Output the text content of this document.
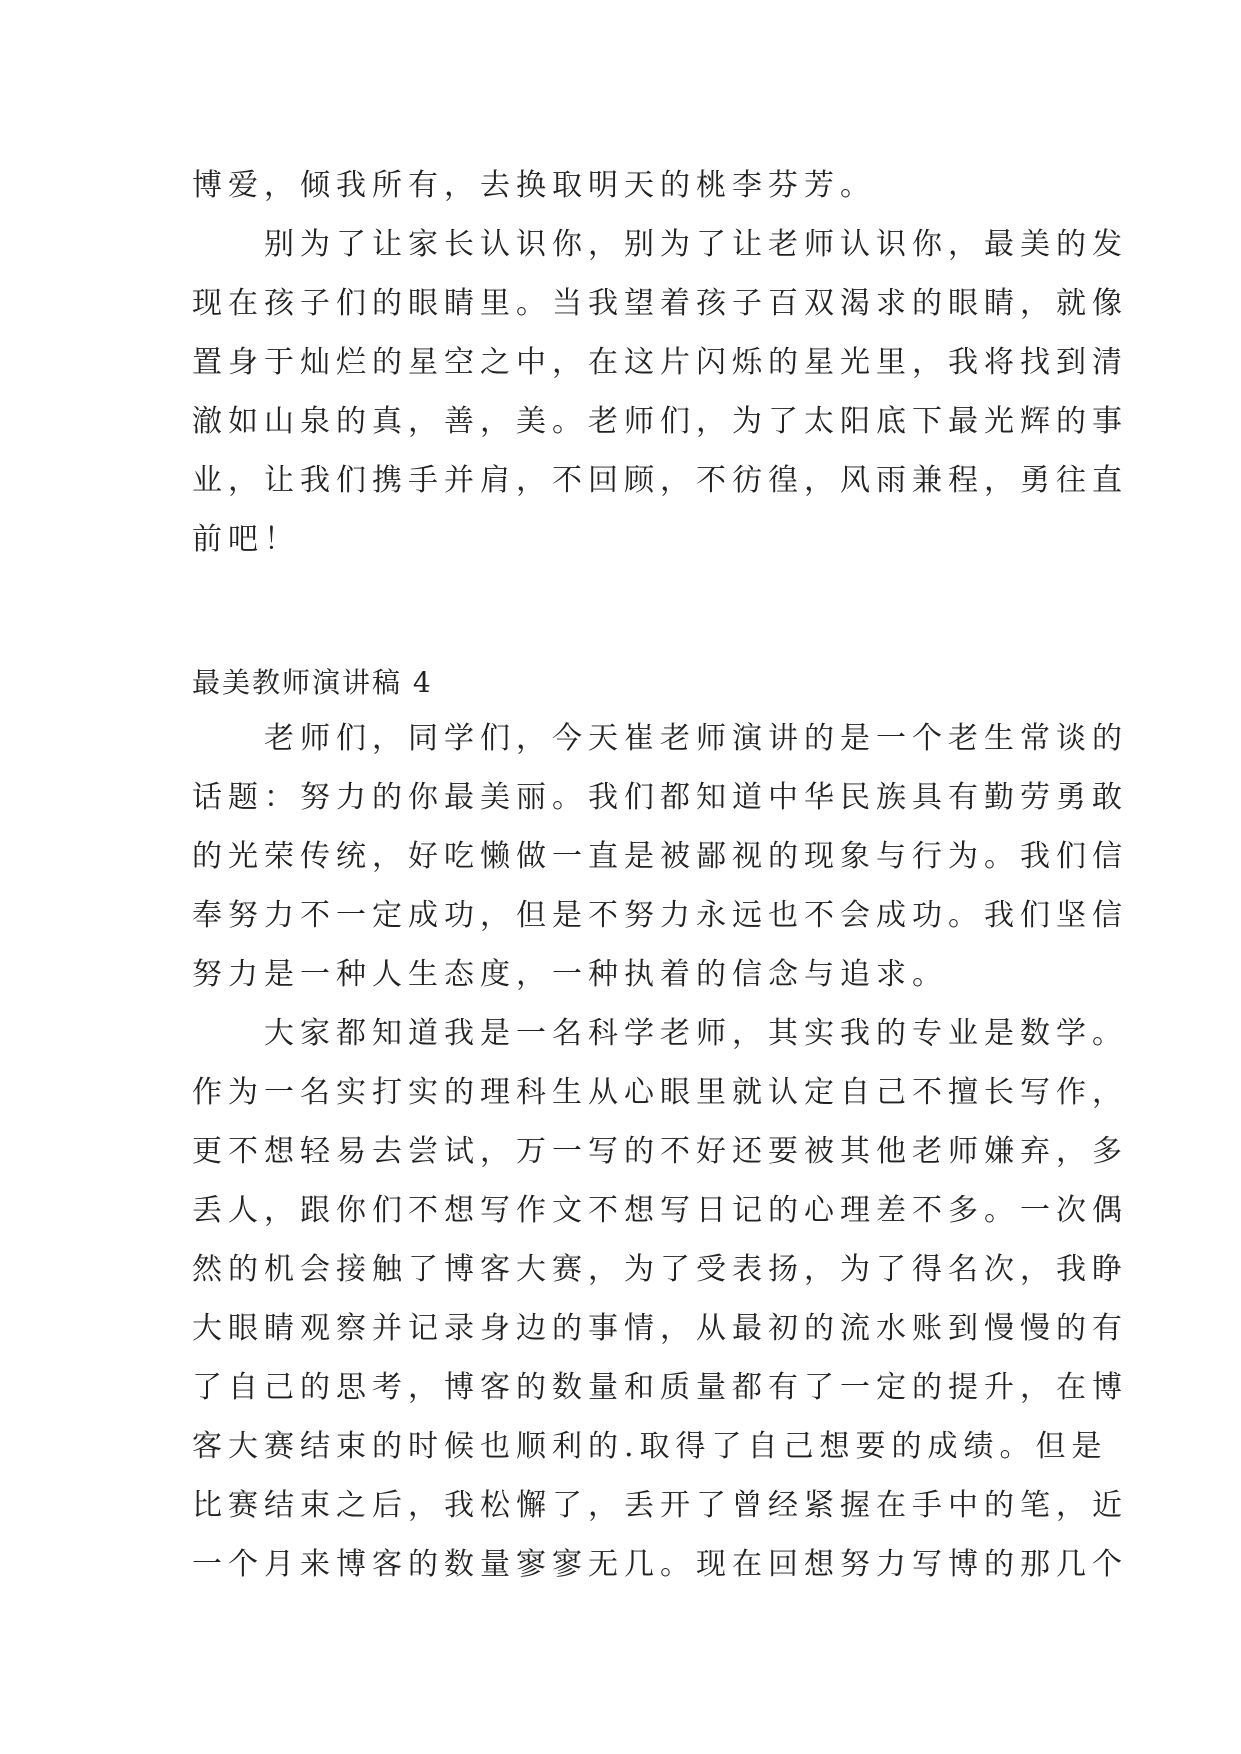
博爱，倾我所有，去换取明天的桃李芬芳。
　　别为了让家长认识你，别为了让老师认识你，最美的发
现在孩子们的眼睛里。当我望着孩子百双渴求的眼睛，就像
置身于灿烂的星空之中，在这片闪烁的星光里，我将找到清
澈如山泉的真，善，美。老师们，为了太阳底下最光辉的事
业，让我们携手并肩，不回顾，不彷徨，风雨兼程，勇往直
前吧！
最美教师演讲稿 4
　　老师们，同学们，今天崔老师演讲的是一个老生常谈的
话题：努力的你最美丽。我们都知道中华民族具有勤劳勇敢
的光荣传统，好吃懒做一直是被鄙视的现象与行为。我们信
奉努力不一定成功，但是不努力永远也不会成功。我们坚信
努力是一种人生态度，一种执着的信念与追求。
　　大家都知道我是一名科学老师，其实我的专业是数学。
作为一名实打实的理科生从心眼里就认定自己不擅长写作，
更不想轻易去尝试，万一写的不好还要被其他老师嫌弃，多
丢人，跟你们不想写作文不想写日记的心理差不多。一次偶
然的机会接触了博客大赛，为了受表扬，为了得名次，我睁
大眼睛观察并记录身边的事情，从最初的流水账到慢慢的有
了自己的思考，博客的数量和质量都有了一定的提升，在博
客大赛结束的时候也顺利的.取得了自己想要的成绩。但是
比赛结束之后，我松懈了，丢开了曾经紧握在手中的笔，近
一个月来博客的数量寥寥无几。现在回想努力写博的那几个
